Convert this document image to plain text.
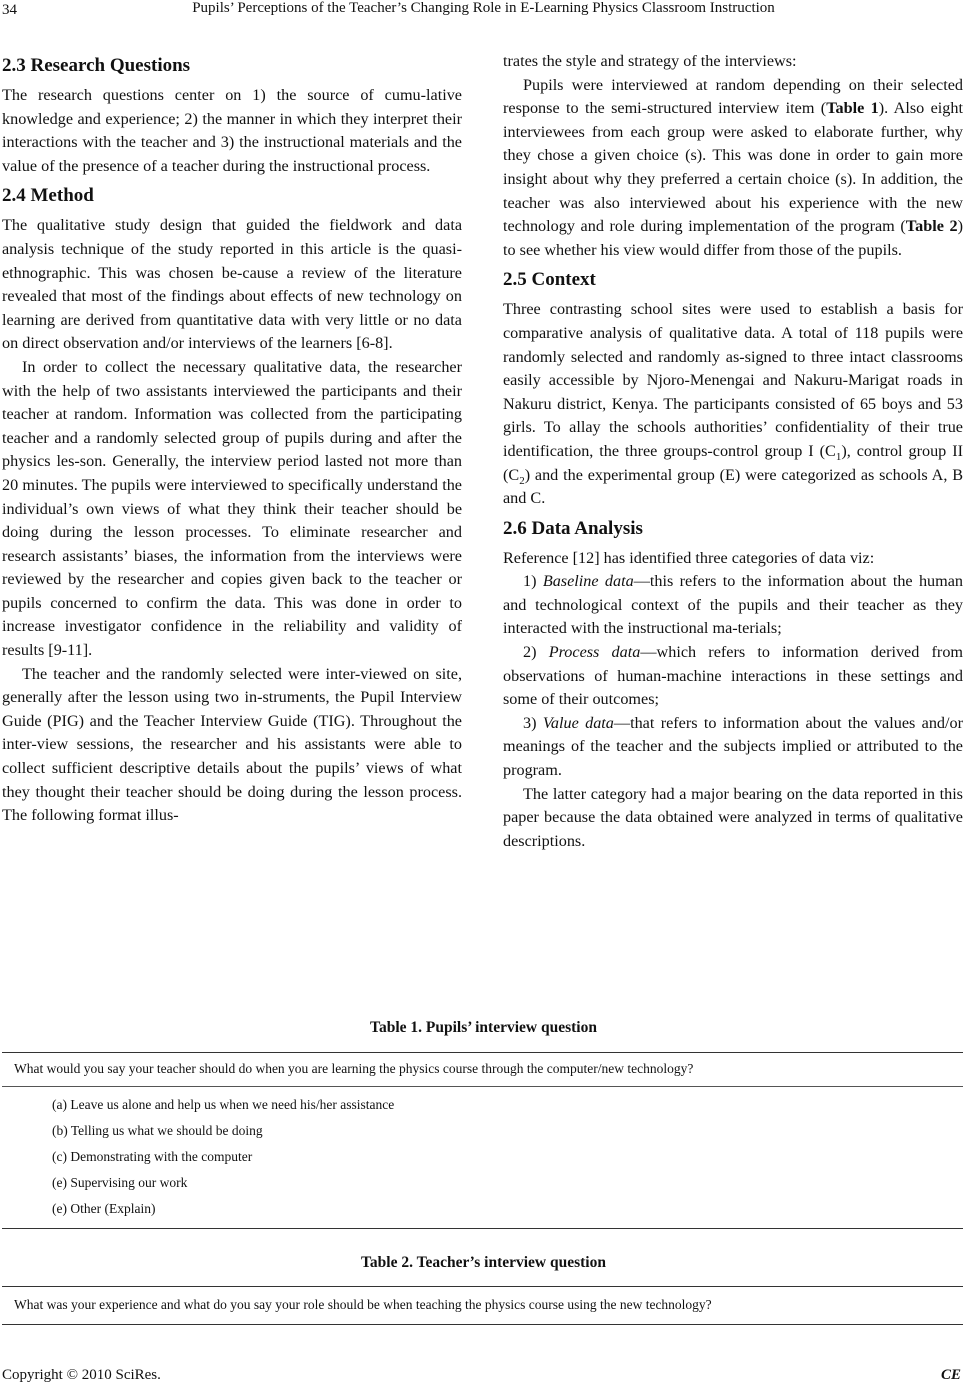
34	Pupils’ Perceptions of the Teacher’s Changing Role in E-Learning Physics Classroom Instruction
2.3 Research Questions

The research questions center on 1) the source of cumu-lative knowledge and experience; 2) the manner in which they interpret their interactions with the teacher and 3) the instructional materials and the value of the presence of a teacher during the instructional process.

2.4 Method

The qualitative study design that guided the fieldwork and data analysis technique of the study reported in this article is the quasi-ethnographic. This was chosen be-cause a review of the literature revealed that most of the findings about effects of new technology on learning are derived from quantitative data with very little or no data on direct observation and/or interviews of the learners [6-8].

In order to collect the necessary qualitative data, the researcher with the help of two assistants interviewed the participants and their teacher at random. Information was collected from the participating teacher and a randomly selected group of pupils during and after the physics les-son. Generally, the interview period lasted not more than 20 minutes. The pupils were interviewed to specifically understand the individual’s own views of what they think their teacher should be doing during the lesson processes. To eliminate researcher and research assistants’ biases, the information from the interviews were reviewed by the researcher and copies given back to the teacher or pupils concerned to confirm the data. This was done in order to increase investigator confidence in the reliability and validity of results [9-11].

The teacher and the randomly selected were inter-viewed on site, generally after the lesson using two in-struments, the Pupil Interview Guide (PIG) and the Teacher Interview Guide (TIG). Throughout the inter-view sessions, the researcher and his assistants were able to collect sufficient descriptive details about the pupils’ views of what they thought their teacher should be doing during the lesson process. The following format illus-

trates the style and strategy of the interviews:

Pupils were interviewed at random depending on their selected response to the semi-structured interview item (Table 1). Also eight interviewees from each group were asked to elaborate further, why they chose a given choice (s). This was done in order to gain more insight about why they preferred a certain choice (s). In addition, the teacher was also interviewed about his experience with the new technology and role during implementation of the program (Table 2) to see whether his view would differ from those of the pupils.

2.5 Context

Three contrasting school sites were used to establish a basis for comparative analysis of qualitative data. A total of 118 pupils were randomly selected and randomly as-signed to three intact classrooms easily accessible by Njoro-Menengai and Nakuru-Marigat roads in Nakuru district, Kenya. The participants consisted of 65 boys and 53 girls. To allay the schools authorities’ confidentiality of their true identification, the three groups-control group I $(C_1)$, control group II $(C_2)$ and the experimental group (E) were categorized as schools A, B and C.

2.6 Data Analysis

Reference [12] has identified three categories of data viz:

1) Baseline data—this refers to the information about the human and technological context of the pupils and their teacher as they interacted with the instructional ma-terials;

2) Process data—which refers to information derived from observations of human-machine interactions in these settings and some of their outcomes;

3) Value data—that refers to information about the values and/or meanings of the teacher and the subjects implied or attributed to the program.

The latter category had a major bearing on the data reported in this paper because the data obtained were analyzed in terms of qualitative descriptions.

Table 1. Pupils’ interview question
What would you say your teacher should do when you are learning the physics course through the computer/new technology?
(a) Leave us alone and help us when we need his/her assistance
(b) Telling us what we should be doing
(c) Demonstrating with the computer
(e) Supervising our work
(e) Other (Explain)
Table 2. Teacher’s interview question
What was your experience and what do you say your role should be when teaching the physics course using the new technology?
Copyright © 2010 SciRes.	CE
